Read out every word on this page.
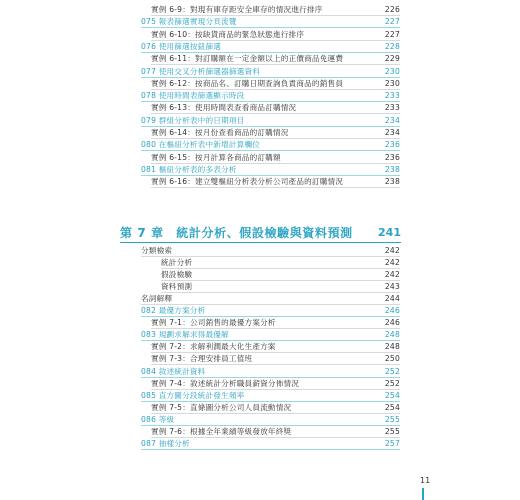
實例 6-9：對現有庫存距安全庫存的情況進行排序	226
075 報表篩選實現分頁流覽	227
實例 6-10：按缺貨商品的緊急狀態進行排序	227
076 使用篩選按鈕篩選	228
實例 6-11：對訂購額在一定金額以上的正價商品免運費	229
077 使用交叉分析篩選器篩選資料	230
實例 6-12：按商品名、訂購日期查詢負責商品的銷售員	230
078 使用時間表篩選顯示時段	233
實例 6-13：使用時間表查看商品訂購情況	233
079 群組分析表中的日期項目	234
實例 6-14：按月份查看商品的訂購情況	234
080 在樞紐分析表中新增計算欄位	236
實例 6-15：按月計算各商品的訂購額	236
081 樞紐分析表的多表分析	238
實例 6-16：建立雙樞紐分析表分析公司產品的訂購情況	238
第 7 章　統計分析、假設檢驗與資料預測 241
分類檢索	242
統計分析	242
假設檢驗	242
資料預測	243
名詞解釋	244
082 最優方案分析	246
實例 7-1：公司銷售的最優方案分析	246
083 規劃求解求得最優解	248
實例 7-2：求解利潤最大化生產方案	248
實例 7-3：合理安排員工值班	250
084 敘述統計資料	252
實例 7-4：敘述統計分析職員薪資分佈情況	252
085 直方圖分段統計發生頻率	254
實例 7-5：直條圖分析公司人員流動情況	254
086 等級	255
實例 7-6：根據全年業績等級發放年終獎	255
087 抽樣分析	257
11
